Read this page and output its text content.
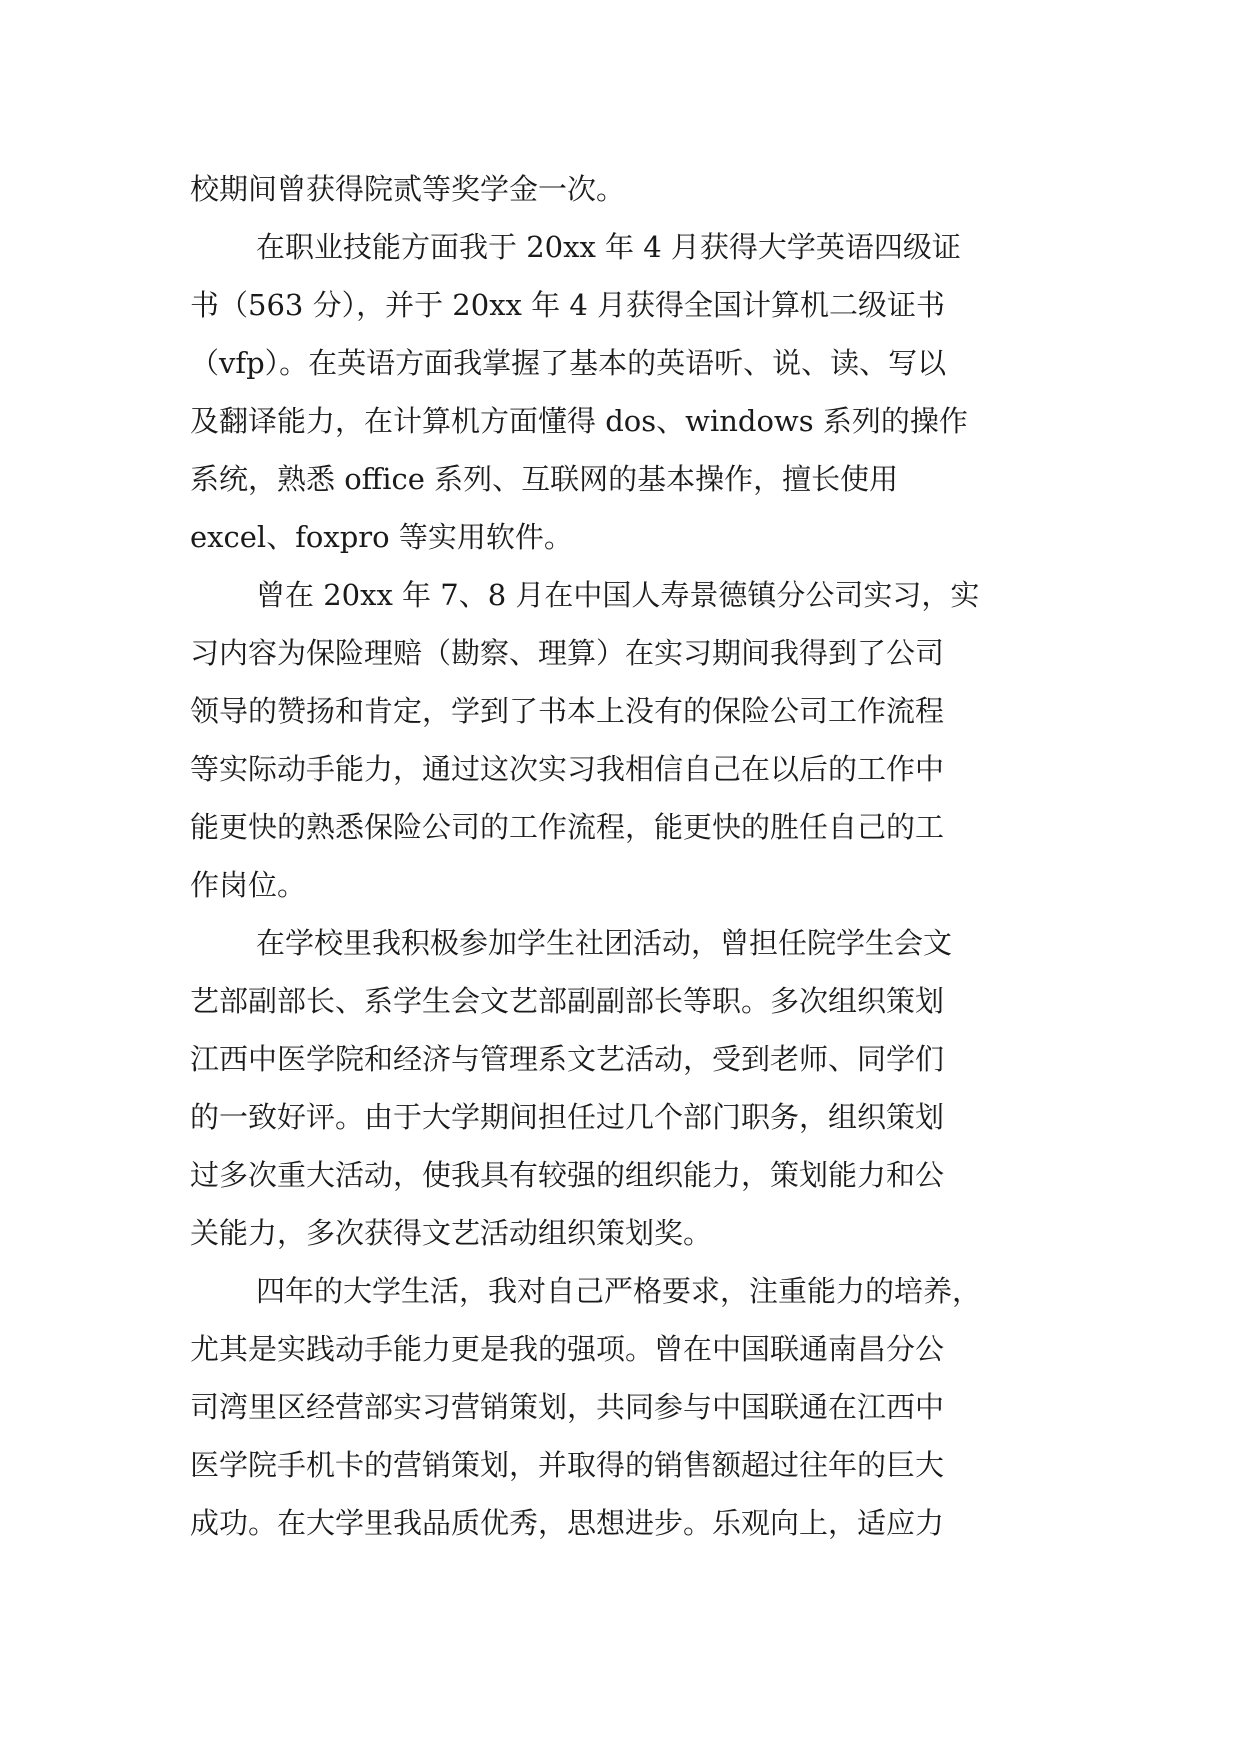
校期间曾获得院贰等奖学金一次。
在职业技能方面我于 20xx 年 4 月获得大学英语四级证
书（563 分），并于 20xx 年 4 月获得全国计算机二级证书
（vfp）。在英语方面我掌握了基本的英语听、说、读、写以
及翻译能力，在计算机方面懂得 dos、windows 系列的操作
系统，熟悉 office 系列、互联网的基本操作，擅长使用
excel、foxpro 等实用软件。
曾在 20xx 年 7、8 月在中国人寿景德镇分公司实习，实
习内容为保险理赔（勘察、理算）在实习期间我得到了公司
领导的赞扬和肯定，学到了书本上没有的保险公司工作流程
等实际动手能力，通过这次实习我相信自己在以后的工作中
能更快的熟悉保险公司的工作流程，能更快的胜任自己的工
作岗位。
在学校里我积极参加学生社团活动，曾担任院学生会文
艺部副部长、系学生会文艺部副副部长等职。多次组织策划
江西中医学院和经济与管理系文艺活动，受到老师、同学们
的一致好评。由于大学期间担任过几个部门职务，组织策划
过多次重大活动，使我具有较强的组织能力，策划能力和公
关能力，多次获得文艺活动组织策划奖。
四年的大学生活，我对自己严格要求，注重能力的培养，
尤其是实践动手能力更是我的强项。曾在中国联通南昌分公
司湾里区经营部实习营销策划，共同参与中国联通在江西中
医学院手机卡的营销策划，并取得的销售额超过往年的巨大
成功。在大学里我品质优秀，思想进步。乐观向上，适应力
